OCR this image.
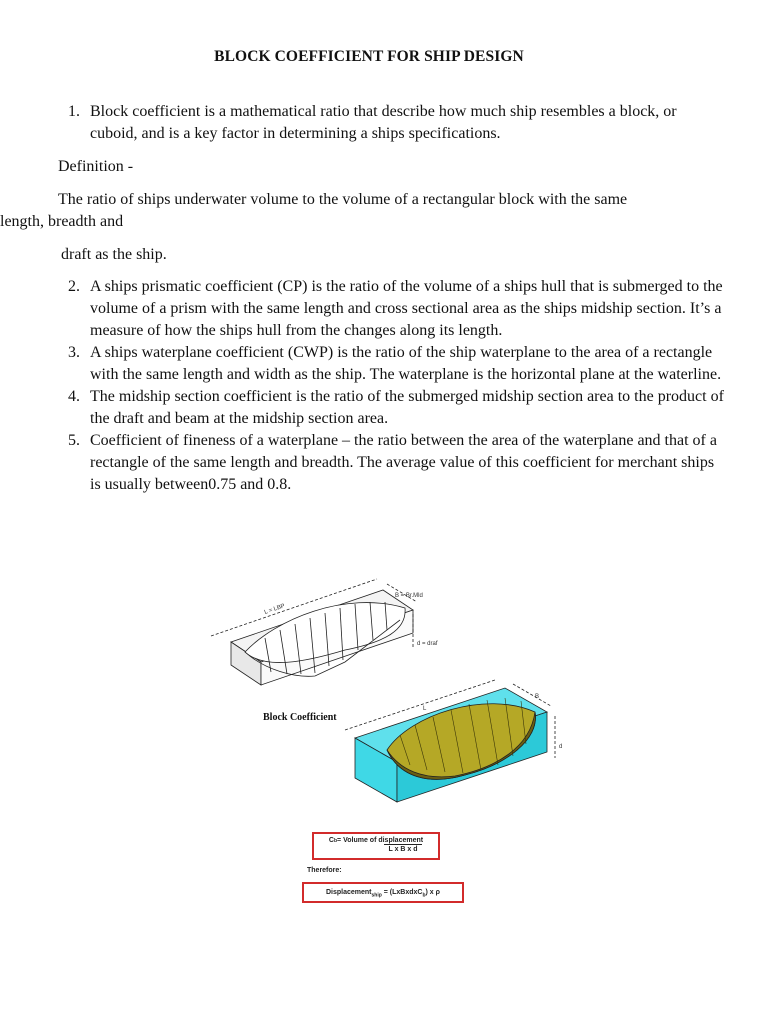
BLOCK COEFFICIENT FOR SHIP DESIGN
1. Block coefficient is a mathematical ratio that describe how much ship resembles a block, or cuboid, and is a key factor in determining a ships specifications.
Definition -
The ratio of ships underwater volume to the volume of a rectangular block with the same
length, breadth and
draft as the ship.
2. A ships prismatic coefficient (CP) is the ratio of the volume of a ships hull that is submerged to the volume of a prism with the same length and cross sectional area as the ships midship section. It’s a measure of how the ships hull from the changes along its length.
3. A ships waterplane coefficient (CWP) is the ratio of the ship waterplane to the area of a rectangle with the same length and width as the ship. The waterplane is the horizontal plane at the waterline.
4. The midship section coefficient is the ratio of the submerged midship section area to the product of the draft and beam at the midship section area.
5. Coefficient of fineness of a waterplane – the ratio between the area of the waterplane and that of a rectangle of the same length and breadth. The average value of this coefficient for merchant ships is usually between0.75 and 0.8.
L = LBP
B = Br.Mld
d = draf
L
B
d
Block Coefficient
C b = Volume of displacement
L x B x d
Therefore:
Displacement$_{ship}$ = (LxBxdxC$_b$) x ρ
